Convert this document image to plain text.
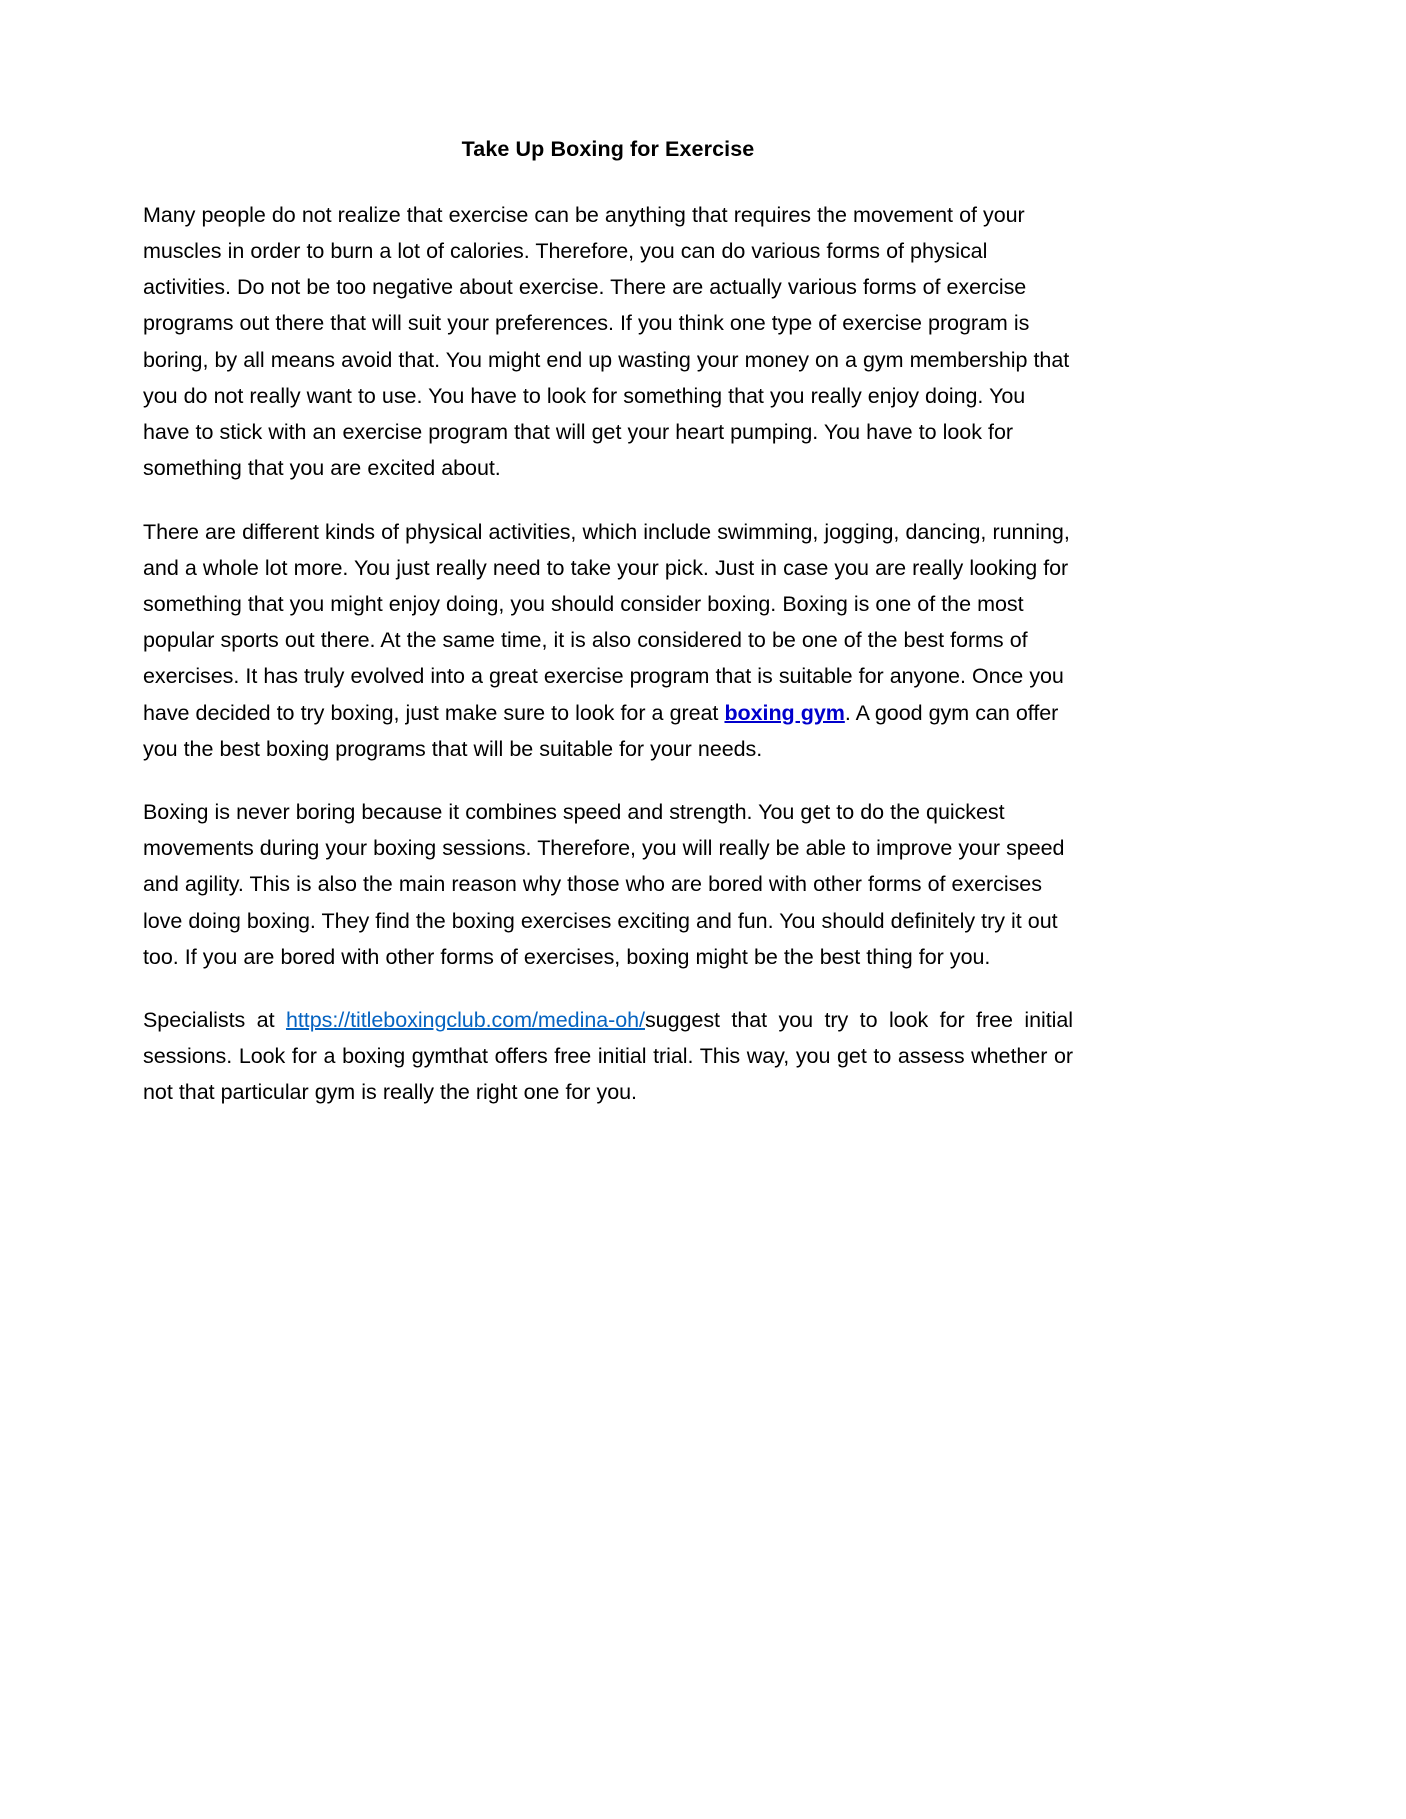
Take Up Boxing for Exercise

Many people do not realize that exercise can be anything that requires the movement of your muscles in order to burn a lot of calories. Therefore, you can do various forms of physical activities. Do not be too negative about exercise. There are actually various forms of exercise programs out there that will suit your preferences. If you think one type of exercise program is boring, by all means avoid that. You might end up wasting your money on a gym membership that you do not really want to use. You have to look for something that you really enjoy doing. You have to stick with an exercise program that will get your heart pumping. You have to look for something that you are excited about.

There are different kinds of physical activities, which include swimming, jogging, dancing, running, and a whole lot more. You just really need to take your pick. Just in case you are really looking for something that you might enjoy doing, you should consider boxing. Boxing is one of the most popular sports out there. At the same time, it is also considered to be one of the best forms of exercises. It has truly evolved into a great exercise program that is suitable for anyone. Once you have decided to try boxing, just make sure to look for a great boxing gym. A good gym can offer you the best boxing programs that will be suitable for your needs.

Boxing is never boring because it combines speed and strength. You get to do the quickest movements during your boxing sessions. Therefore, you will really be able to improve your speed and agility. This is also the main reason why those who are bored with other forms of exercises love doing boxing. They find the boxing exercises exciting and fun. You should definitely try it out too. If you are bored with other forms of exercises, boxing might be the best thing for you.

Specialists at https://titleboxingclub.com/medina-oh/suggest that you try to look for free initial sessions. Look for a boxing gymthat offers free initial trial. This way, you get to assess whether or not that particular gym is really the right one for you.
